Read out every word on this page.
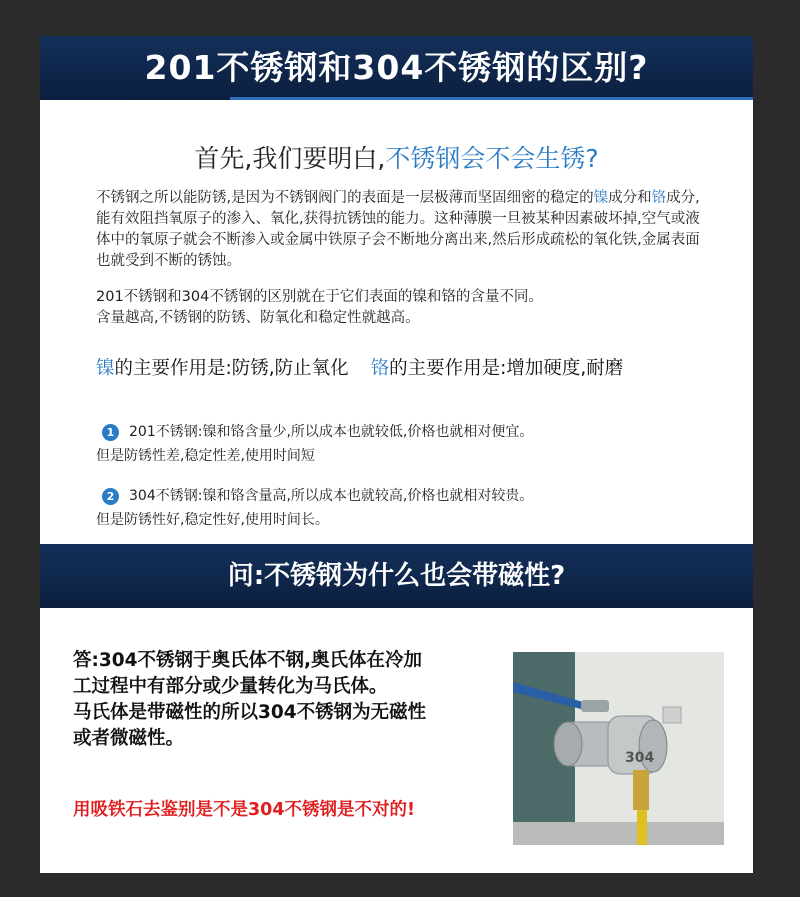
201不锈钢和304不锈钢的区别?
首先,我们要明白,不锈钢会不会生锈?
不锈钢之所以能防锈,是因为不锈钢阀门的表面是一层极薄而坚固细密的稳定的镍成分和铬成分,能有效阻挡氧原子的渗入、氧化,获得抗锈蚀的能力。这种薄膜一旦被某种因素破坏掉,空气或液体中的氧原子就会不断渗入或金属中铁原子会不断地分离出来,然后形成疏松的氧化铁,金属表面也就受到不断的锈蚀。
201不锈钢和304不锈钢的区别就在于它们表面的镍和铬的含量不同。
含量越高,不锈钢的防锈、防氧化和稳定性就越高。
镍的主要作用是:防锈,防止氧化 铬的主要作用是:增加硬度,耐磨
1 201不锈钢:镍和铬含量少,所以成本也就较低,价格也就相对便宜。
但是防锈性差,稳定性差,使用时间短
2 304不锈钢:镍和铬含量高,所以成本也就较高,价格也就相对较贵。
但是防锈性好,稳定性好,使用时间长。
问:不锈钢为什么也会带磁性?
答:304不锈钢于奥氏体不钢,奥氏体在冷加
工过程中有部分或少量转化为马氏体。
马氏体是带磁性的所以304不锈钢为无磁性
或者微磁性。
用吸铁石去鉴别是不是304不锈钢是不对的!
304
